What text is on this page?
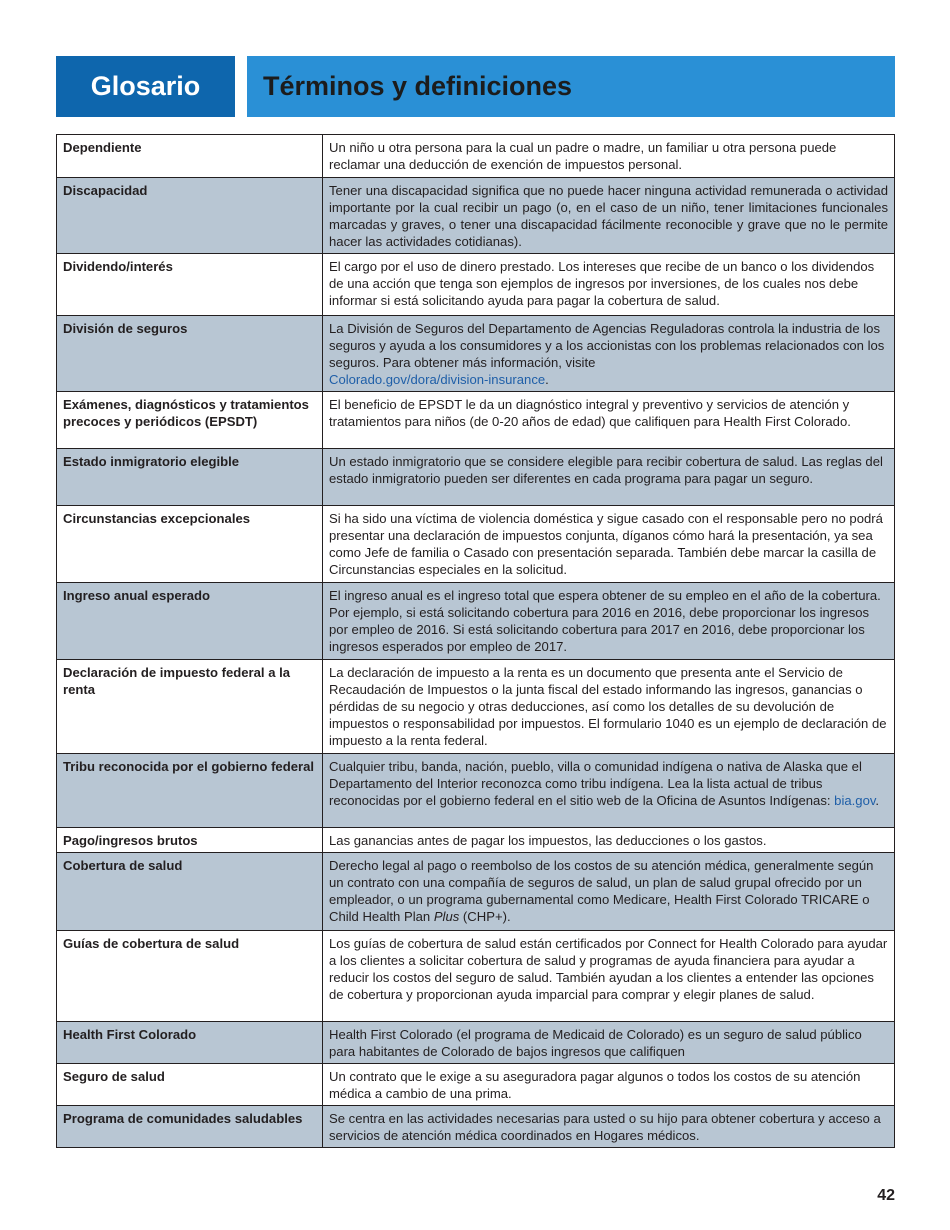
Glosario	Términos y definiciones
Dependiente	Un niño u otra persona para la cual un padre o madre, un familiar u otra persona puede reclamar una deducción de exención de impuestos personal.
Discapacidad	Tener una discapacidad significa que no puede hacer ninguna actividad remunerada o actividad importante por la cual recibir un pago (o, en el caso de un niño, tener limitaciones funcionales marcadas y graves, o tener una discapacidad fácilmente reconocible y grave que no le permite hacer las actividades cotidianas).
Dividendo/interés	El cargo por el uso de dinero prestado. Los intereses que recibe de un banco o los dividendos de una acción que tenga son ejemplos de ingresos por inversiones, de los cuales nos debe informar si está solicitando ayuda para pagar la cobertura de salud.
División de seguros	La División de Seguros del Departamento de Agencias Reguladoras controla la industria de los seguros y ayuda a los consumidores y a los accionistas con los problemas relacionados con los seguros. Para obtener más información, visite
Colorado.gov/dora/division-insurance.
Exámenes, diagnósticos y tratamientos precoces y periódicos (EPSDT)	El beneficio de EPSDT le da un diagnóstico integral y preventivo y servicios de atención y tratamientos para niños (de 0-20 años de edad) que califiquen para Health First Colorado.
Estado inmigratorio elegible	Un estado inmigratorio que se considere elegible para recibir cobertura de salud. Las reglas del estado inmigratorio pueden ser diferentes en cada programa para pagar un seguro.
Circunstancias excepcionales	Si ha sido una víctima de violencia doméstica y sigue casado con el responsable pero no podrá presentar una declaración de impuestos conjunta, díganos cómo hará la presentación, ya sea como Jefe de familia o Casado con presentación separada. También debe marcar la casilla de Circunstancias especiales en la solicitud.
Ingreso anual esperado	El ingreso anual es el ingreso total que espera obtener de su empleo en el año de la cobertura. Por ejemplo, si está solicitando cobertura para 2016 en 2016, debe proporcionar los ingresos por empleo de 2016. Si está solicitando cobertura para 2017 en 2016, debe proporcionar los ingresos esperados por empleo de 2017.
Declaración de impuesto federal a la renta	La declaración de impuesto a la renta es un documento que presenta ante el Servicio de Recaudación de Impuestos o la junta fiscal del estado informando las ingresos, ganancias o pérdidas de su negocio y otras deducciones, así como los detalles de su devolución de impuestos o responsabilidad por impuestos. El formulario 1040 es un ejemplo de declaración de impuesto a la renta federal.
Tribu reconocida por el gobierno federal	Cualquier tribu, banda, nación, pueblo, villa o comunidad indígena o nativa de Alaska que el Departamento del Interior reconozca como tribu indígena. Lea la lista actual de tribus reconocidas por el gobierno federal en el sitio web de la Oficina de Asuntos Indígenas: bia.gov.
Pago/ingresos brutos	Las ganancias antes de pagar los impuestos, las deducciones o los gastos.
Cobertura de salud	Derecho legal al pago o reembolso de los costos de su atención médica, generalmente según un contrato con una compañía de seguros de salud, un plan de salud grupal ofrecido por un empleador, o un programa gubernamental como Medicare, Health First Colorado TRICARE o Child Health Plan Plus (CHP+).
Guías de cobertura de salud	Los guías de cobertura de salud están certificados por Connect for Health Colorado para ayudar a los clientes a solicitar cobertura de salud y programas de ayuda financiera para ayudar a reducir los costos del seguro de salud. También ayudan a los clientes a entender las opciones de cobertura y proporcionan ayuda imparcial para comprar y elegir planes de salud.
Health First Colorado	Health First Colorado (el programa de Medicaid de Colorado) es un seguro de salud público para habitantes de Colorado de bajos ingresos que califiquen
Seguro de salud	Un contrato que le exige a su aseguradora pagar algunos o todos los costos de su atención médica a cambio de una prima.
Programa de comunidades saludables	Se centra en las actividades necesarias para usted o su hijo para obtener cobertura y acceso a servicios de atención médica coordinados en Hogares médicos.
42
